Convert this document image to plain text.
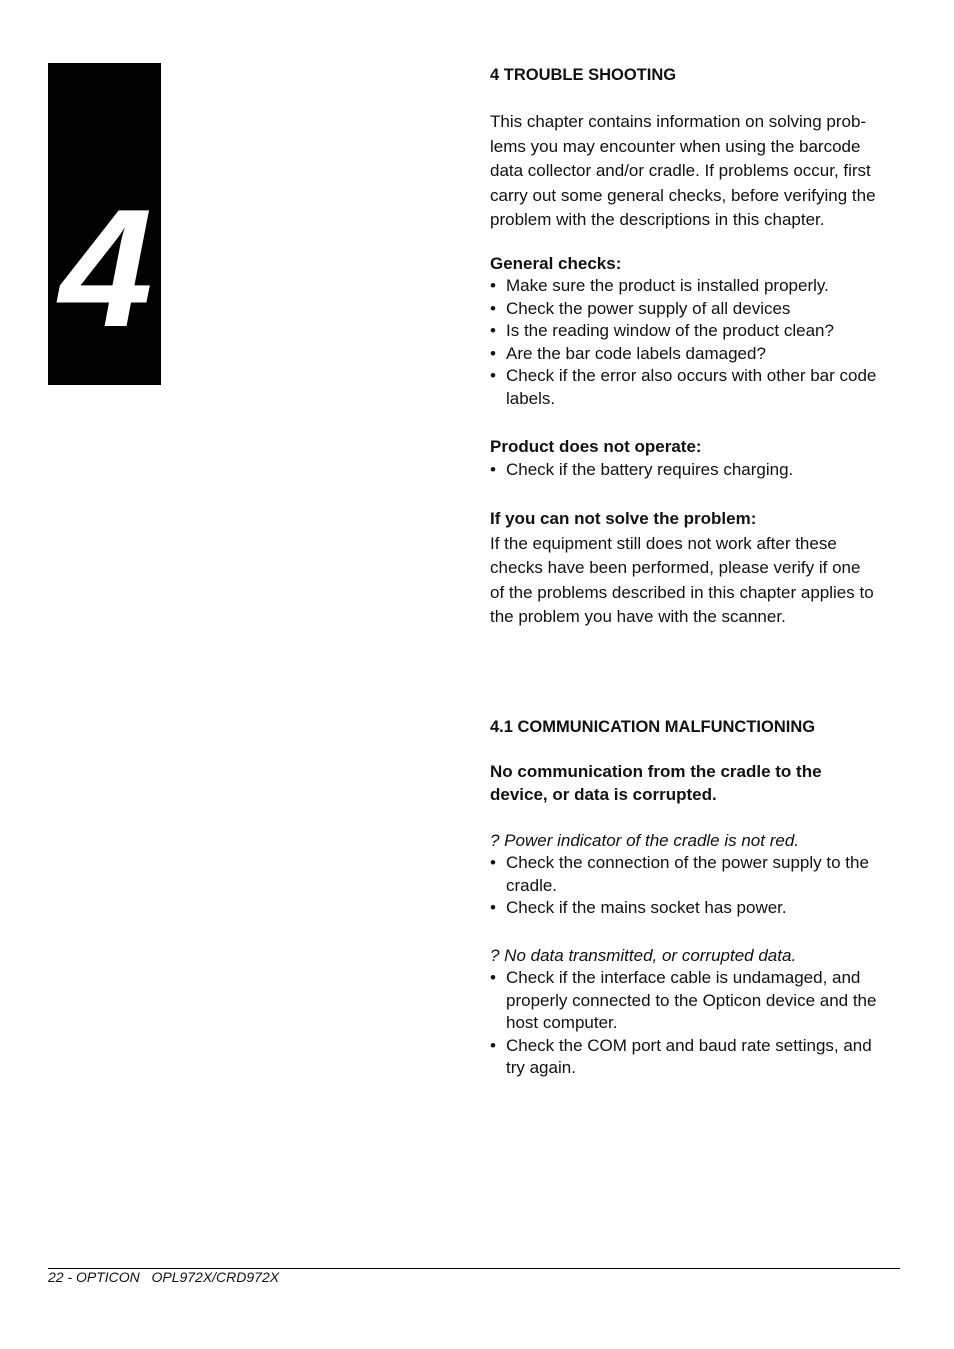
4
4 TROUBLE SHOOTING

This chapter contains information on solving prob-
lems you may encounter when using the barcode
data collector and/or cradle. If problems occur, first
carry out some general checks, before verifying the
problem with the descriptions in this chapter.

General checks:

• Make sure the product is installed properly.
• Check the power supply of all devices
• Is the reading window of the product clean?
• Are the bar code labels damaged?
• Check if the error also occurs with other bar code
labels.

Product does not operate:

• Check if the battery requires charging.

If you can not solve the problem:

If the equipment still does not work after these
checks have been performed, please verify if one
of the problems described in this chapter applies to
the problem you have with the scanner.

4.1 COMMUNICATION MALFUNCTIONING

No communication from the cradle to the
device, or data is corrupted.

? Power indicator of the cradle is not red.

• Check the connection of the power supply to the
cradle.
• Check if the mains socket has power.

? No data transmitted, or corrupted data.

• Check if the interface cable is undamaged, and
properly connected to the Opticon device and the
host computer.
• Check the COM port and baud rate settings, and
try again.
22 - OPTICON   OPL972X/CRD972X
